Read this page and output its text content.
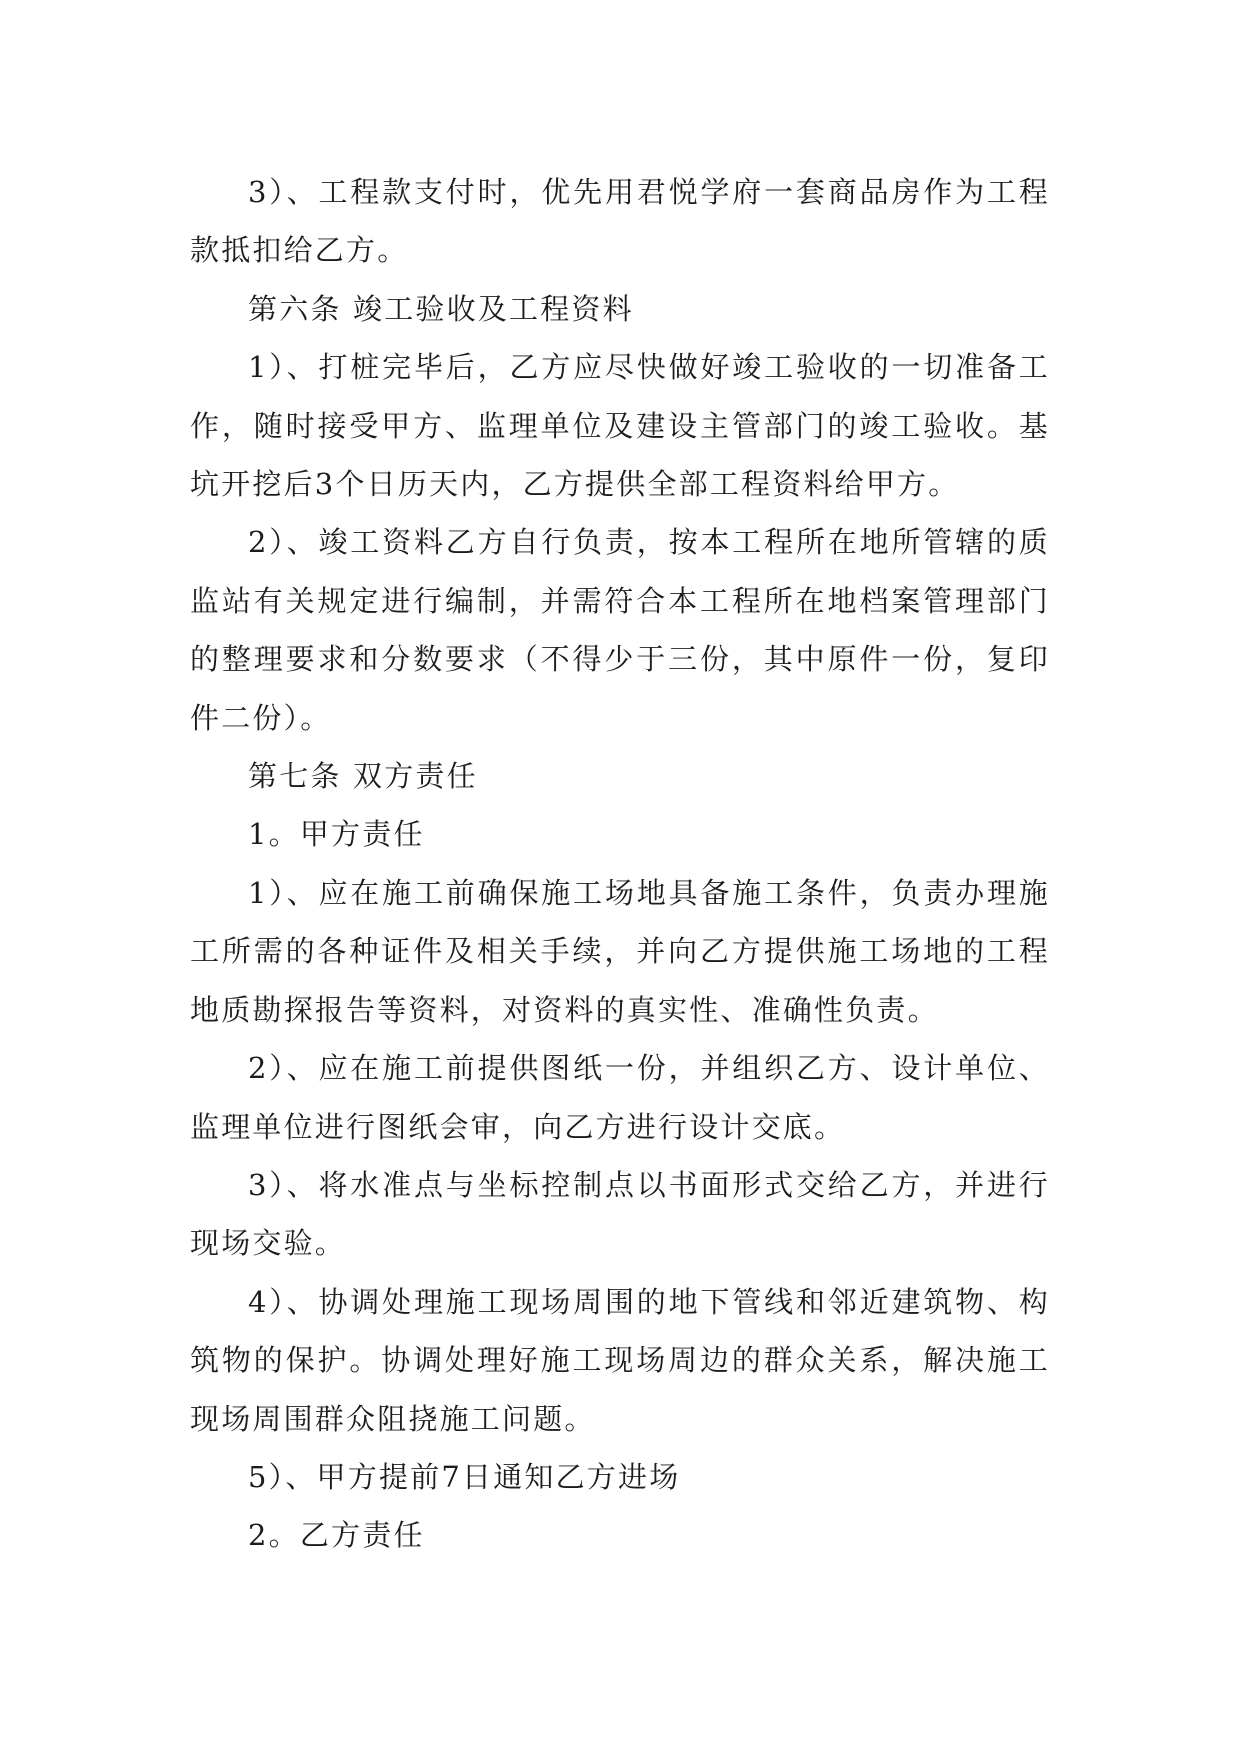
3）、工程款支付时，优先用君悦学府一套商品房作为工程款抵扣给乙方。

第六条 竣工验收及工程资料

1）、打桩完毕后，乙方应尽快做好竣工验收的一切准备工作，随时接受甲方、监理单位及建设主管部门的竣工验收。基坑开挖后3个日历天内，乙方提供全部工程资料给甲方。

2）、竣工资料乙方自行负责，按本工程所在地所管辖的质监站有关规定进行编制，并需符合本工程所在地档案管理部门的整理要求和分数要求（不得少于三份，其中原件一份，复印件二份）。

第七条 双方责任

1。甲方责任

1）、应在施工前确保施工场地具备施工条件，负责办理施工所需的各种证件及相关手续，并向乙方提供施工场地的工程地质勘探报告等资料，对资料的真实性、准确性负责。

2）、应在施工前提供图纸一份，并组织乙方、设计单位、监理单位进行图纸会审，向乙方进行设计交底。

3）、将水准点与坐标控制点以书面形式交给乙方，并进行现场交验。

4）、协调处理施工现场周围的地下管线和邻近建筑物、构筑物的保护。协调处理好施工现场周边的群众关系，解决施工现场周围群众阻挠施工问题。

5）、甲方提前7日通知乙方进场

2。乙方责任
